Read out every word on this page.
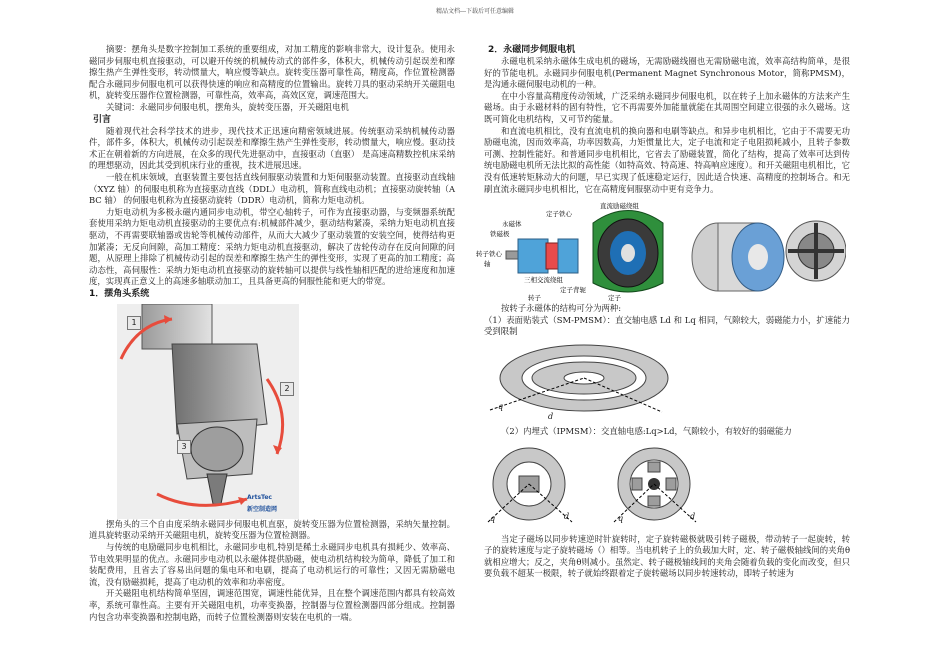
精品文档---下载后可任意编辑

摘要：摆角头是数字控制加工系统的重要组成，对加工精度的影响非常大，设计复杂。使用永磁同步伺服电机直接驱动，可以避开传统的机械传动式的部件多，体积大，机械传动引起误差和摩擦生热产生弹性变形，转动惯量大，响应慢等缺点。旋转变压器可靠性高，精度高，作位置检测器配合永磁同步伺服电机可以获得快速的响应和高精度的位置输出。旋转刀具的驱动采纳开关磁阻电机，旋转变压器作位置检测器，可靠性高，效率高，高效区宽，调速范围大。

关键词：永磁同步伺服电机，摆角头，旋转变压器，开关磁阻电机

引言

随着现代社会科学技术的进步，现代技术正迅速向精密领域进展。传统驱动采纳机械传动器件，部件多，体积大，机械传动引起误差和摩擦生热产生弹性变形，转动惯量大，响应慢。驱动技术正在朝着新的方向进展，在众多的现代先进驱动中，直接驱动（直驱） 是高速高精数控机床采纳的理想驱动，因此其受到机床行业的重视，技术进展迅速。

一般在机床领域，直驱装置主要包括直线伺服驱动装置和力矩伺服驱动装置。直接驱动直线轴（XYZ 轴）的伺服电机称为直接驱动直线（DDL）电动机，简称直线电动机；直接驱动旋转轴（A BC 轴） 的伺服电机称为直接驱动旋转（DDR）电动机，简称力矩电动机。

力矩电动机为多极永磁内通同步电动机，带空心轴转子，可作为直接驱动器，与变频器系统配套使用采纳力矩电动机直接驱动的主要优点有:机械部件减少，驱动结构紧凑，采纳力矩电动机直接驱动，不再需要联轴器或齿轮等机械传动部件，从而大大减少了驱动装置的安装空间，使得结构更加紧凑；无反向间隙，高加工精度：采纳力矩电动机直接驱动，解决了齿轮传动存在反向间隙的问题，从原理上排除了机械传动引起的误差和摩擦生热产生的弹性变形，实现了更高的加工精度；高动态性，高伺服性：采纳力矩电动机直接驱动的旋转轴可以提供与线性轴相匹配的进给速度和加速度，实现真正意义上的高速多轴联动加工，且具备更高的伺服性能和更大的带宽。

1．摆角头系统
1
2
3
ArtsTec
新空制造网

摆角头的三个自由度采纳永磁同步伺服电机直驱，旋转变压器为位置检测器，采纳矢量控制。道具旋转驱动采纳开关磁阻电机，旋转变压器为位置检测器。

与传统的电励磁同步电机相比，永磁同步电机,特别是稀土永磁同步电机具有损耗少、效率高、节电效果明显的优点。永磁同步电动机以永磁体提供励磁，使电动机结构较为简单，降低了加工和装配费用，且省去了容易出问题的集电环和电刷，提高了电动机运行的可靠性；又因无需励磁电流，没有励磁损耗，提高了电动机的效率和功率密度。

开关磁阻电机结构简单坚固，调速范围宽，调速性能优异，且在整个调速范围内都具有较高效率，系统可靠性高。主要有开关磁阻电机，功率变换器，控制器与位置检测器四部分组成。控制器内包含功率变换器和控制电路，而转子位置检测器则安装在电机的一端。

2．永磁同步伺服电机

永磁电机采纳永磁体生成电机的磁场，无需励磁线圈也无需励磁电流，效率高结构简单，是很好的节能电机。永磁同步伺服电机(Permanent Magnet Synchronous Motor，简称PMSM)，是沟通永磁伺服电动机的一种。

在中小容量高精度传动领域，广泛采纳永磁同步伺服电机，以在转子上加永磁体的方法来产生磁场。由于永磁材料的固有特性，它不再需要外加能量就能在其周围空间建立很强的永久磁场。这既可简化电机结构，又可节约能量。

和直流电机相比，没有直流电机的换向器和电刷等缺点。和异步电机相比，它由于不需要无功励磁电流，因而效率高，功率因数高，力矩惯量比大，定子电流和定子电阻损耗减小，且转子参数可测、控制性能好。和普通同步电机相比，它省去了励磁装置，简化了结构，提高了效率可达到传统电励磁电机所无法比拟的高性能（如特高效、特高速、特高响应速度）。和开关磁阻电机相比，它没有低速转矩脉动大的问题，早已实现了低速稳定运行，因此适合快速、高精度的控制场合。和无刷直流永磁同步电机相比，它在高精度伺服驱动中更有竞争力。

定子铁心
直流励磁绕组
永磁体
铁磁极
转子铁心
轴
三相交流绕组
定子背轭
转子	定子

按转子永磁体的结构可分为两种:

（1）表面贴装式（SM-PMSM）：直交轴电感 Ld 和 Lq 相同，气隙较大，弱磁能力小，扩速能力受到限制

q
d

（2）内埋式（IPMSM）：交直轴电感:Lq>Ld，气隙较小，有较好的弱磁能力

q	d	q	d

当定子磁场以同步转速逆时针旋转时，定子旋转磁极就吸引转子磁极，带动转子一起旋转，转子的旋转速度与定子旋转磁场（）相等。当电机转子上的负载加大时，定、转子磁极轴线间的夹角θ就相应增大；反之，夹角θ则减小。虽然定、转子磁极轴线间的夹角会随着负载的变化而改变，但只要负载不超某一极限，转子就始终跟着定子旋转磁场以同步转速转动，即转子转速为
